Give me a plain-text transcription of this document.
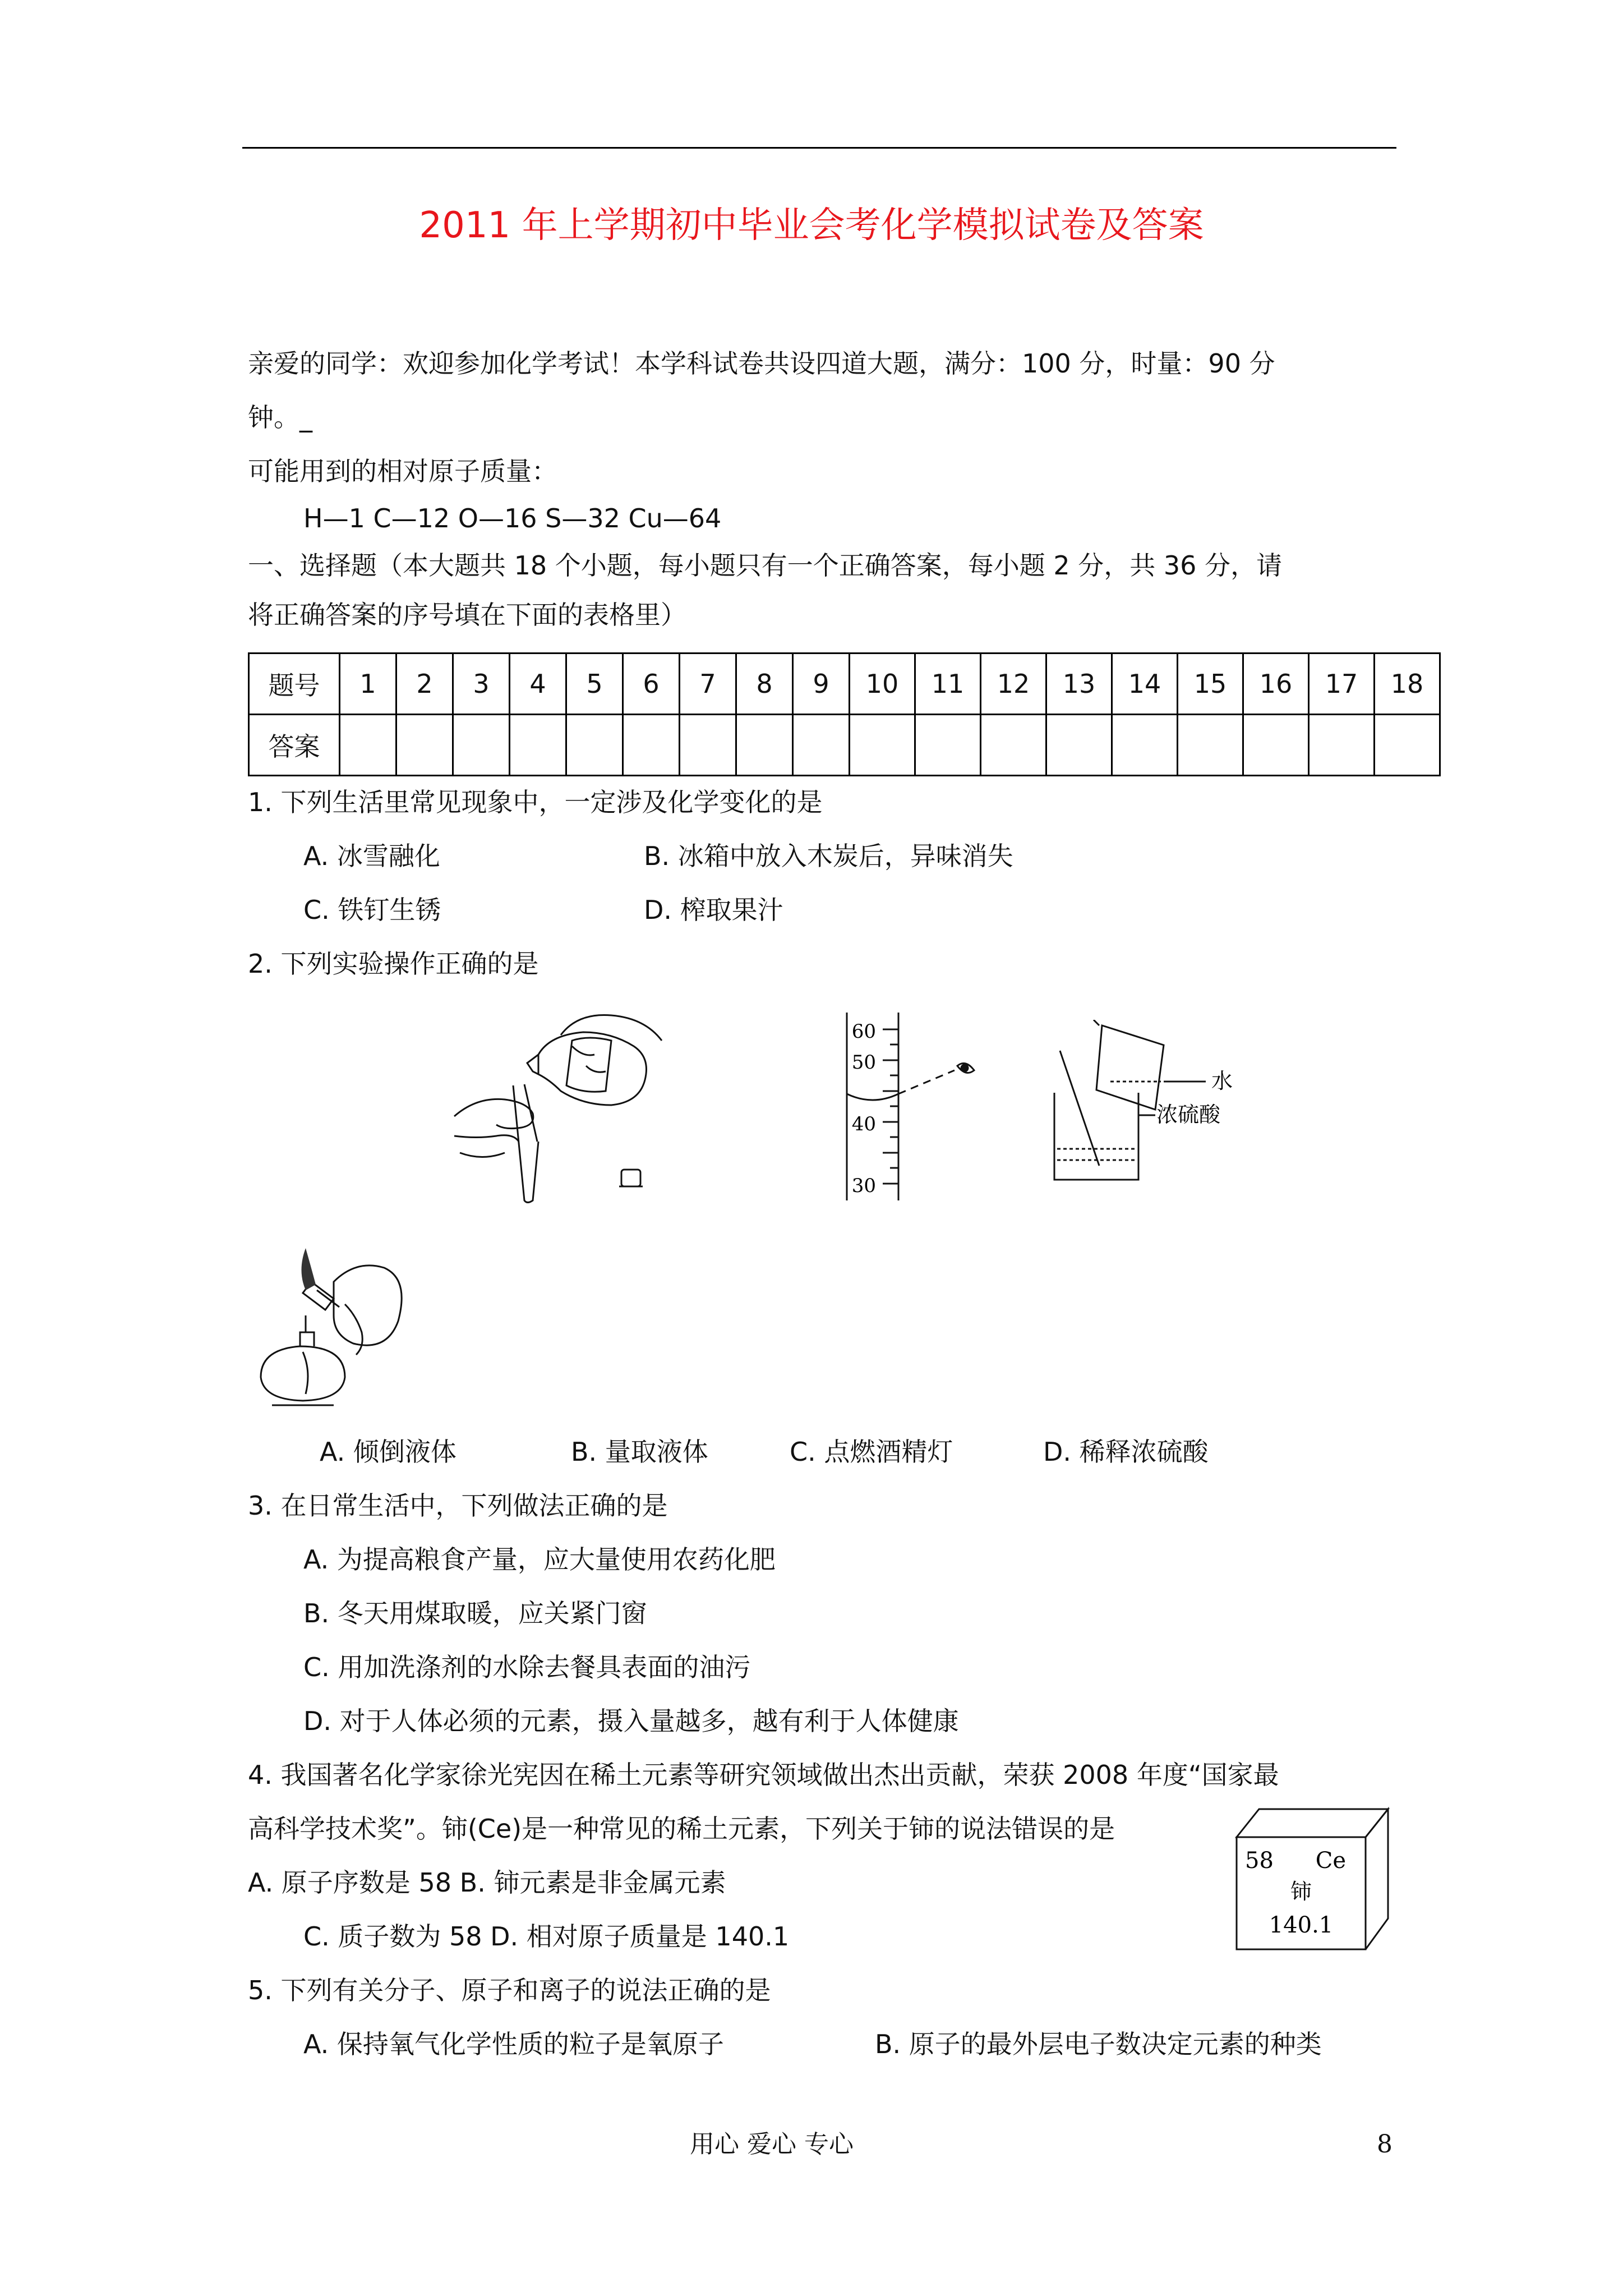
2011 年上学期初中毕业会考化学模拟试卷及答案
亲爱的同学：欢迎参加化学考试！本学科试卷共设四道大题，满分：100 分，时量：90 分
钟。_
可能用到的相对原子质量：
H—1 C—12 O—16 S—32 Cu—64
一、选择题（本大题共 18 个小题，每小题只有一个正确答案，每小题 2 分，共 36 分，请
将正确答案的序号填在下面的表格里）
题号	1	2	3	4	5	6	7	8	9	10	11	12	13	14	15	16	17	18
答案																		
1. 下列生活里常见现象中，一定涉及化学变化的是
A. 冰雪融化	B. 冰箱中放入木炭后，异味消失
C. 铁钉生锈	D. 榨取果汁
2. 下列实验操作正确的是
60
50
40
30
水
浓硫酸
A. 倾倒液体	B. 量取液体	C. 点燃酒精灯	D. 稀释浓硫酸
3. 在日常生活中，下列做法正确的是
A. 为提高粮食产量，应大量使用农药化肥
B. 冬天用煤取暖，应关紧门窗
C. 用加洗涤剂的水除去餐具表面的油污
D. 对于人体必须的元素，摄入量越多，越有利于人体健康
4. 我国著名化学家徐光宪因在稀土元素等研究领域做出杰出贡献，荣获 2008 年度“国家最
高科学技术奖”。铈(Ce)是一种常见的稀土元素，下列关于铈的说法错误的是
A. 原子序数是 58 B. 铈元素是非金属元素
C. 质子数为 58 D. 相对原子质量是 140.1
58 Ce
铈
140.1
5. 下列有关分子、原子和离子的说法正确的是
A. 保持氧气化学性质的粒子是氧原子	B. 原子的最外层电子数决定元素的种类
用心 爱心 专心	8
